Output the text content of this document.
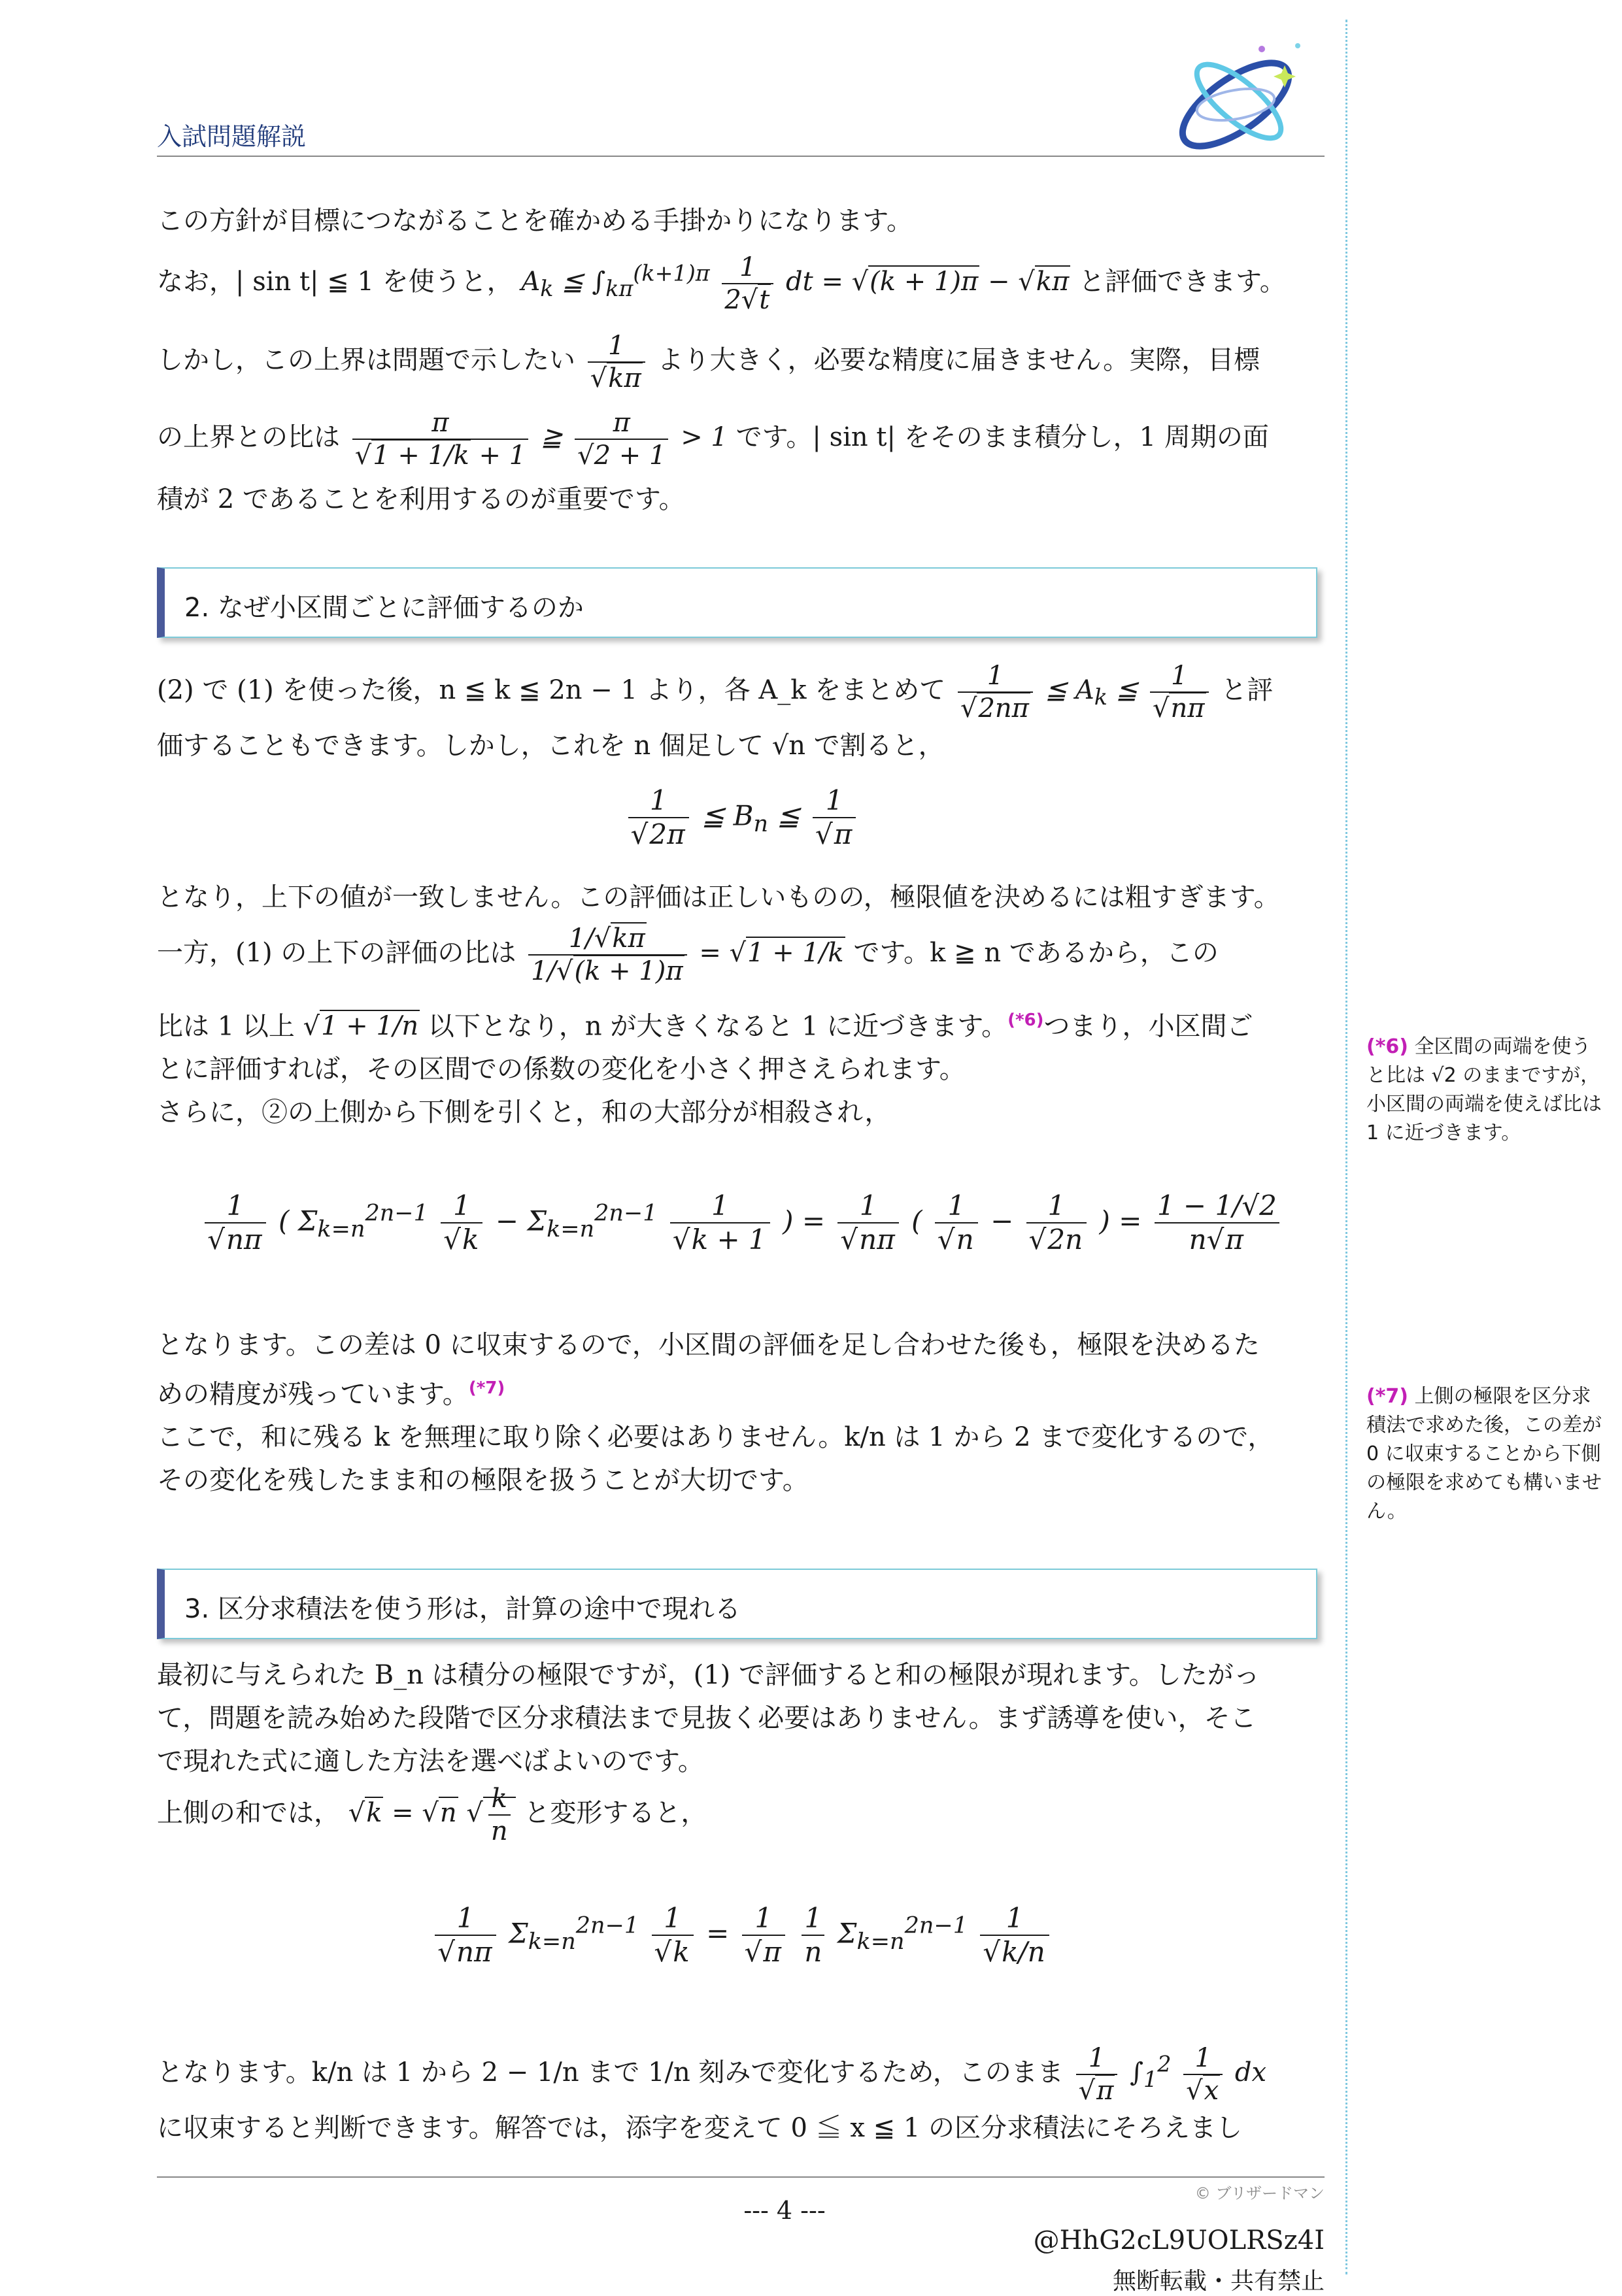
入試問題解説

この方針が目標につながることを確かめる手掛かりになります。

なお，| sin t| ≦ 1 を使うと， $A_k$ ≦ $\int_{k\pi}^{(k+1)\pi} \frac{1}{2√t}$ dt = √(k + 1)π − √kπ と評価できます。

しかし，この上界は問題で示したい $\frac{1}{√k\pi}$ より大きく，必要な精度に届きません。実際，目標

の上界との比は $\frac{\pi}{√1 + 1/k + 1}$ ≧ $\frac{\pi}{√2 + 1} > 1$ です。| sin t| をそのまま積分し，1 周期の面

積が 2 であることを利用するのが重要です。

2. なぜ小区間ごとに評価するのか

(2) で (1) を使った後，n ≦ k ≦ 2n − 1 より，各 A_k をまとめて $\frac{1}{√2n\pi}$ ≦ $A_k$ ≦ $\frac{1}{√n\pi}$ と評

価することもできます。しかし，これを n 個足して √n で割ると，

$\frac{1}{√2\pi}$ ≦ $B_n$ ≦ $\frac{1}{√\pi}$

となり，上下の値が一致しません。この評価は正しいものの，極限値を決めるには粗すぎます。

一方，(1) の上下の評価の比は $\frac{1/√k\pi}{1/√(k + 1)\pi} = √1 + 1/k$ です。k ≧ n であるから，この

比は 1 以上 √1 + 1/n 以下となり，n が大きくなると 1 に近づきます。$^{(*6)}$つまり，小区間ご

とに評価すれば，その区間での係数の変化を小さく押さえられます。

さらに，②の上側から下側を引くと，和の大部分が相殺され，

$\frac{1}{√n\pi}$ ( $\Sigma_{k=n}^{2n-1} \frac{1}{√k} - \Sigma_{k=n}^{2n-1} \frac{1}{√k + 1}$ ) = $\frac{1}{√n\pi}$ ( $\frac{1}{√n} - \frac{1}{√2n}$ ) = $\frac{1 - 1/√2}{n√\pi}$

となります。この差は 0 に収束するので，小区間の評価を足し合わせた後も，極限を決めるた

めの精度が残っています。$^{(*7)}$

ここで，和に残る k を無理に取り除く必要はありません。k/n は 1 から 2 まで変化するので，

その変化を残したまま和の極限を扱うことが大切です。

3. 区分求積法を使う形は，計算の途中で現れる

最初に与えられた B_n は積分の極限ですが，(1) で評価すると和の極限が現れます。したがっ

て，問題を読み始めた段階で区分求積法まで見抜く必要はありません。まず誘導を使い，そこ

で現れた式に適した方法を選べばよいのです。

上側の和では， √k = √n √ $\frac{k}{n}$ と変形すると，

$\frac{1}{√n\pi} \Sigma_{k=n}^{2n-1} \frac{1}{√k} = \frac{1}{√\pi}$
$\frac{1}{n} \Sigma_{k=n}^{2n-1} \frac{1}{√k/n}$

となります。k/n は 1 から 2 − 1/n まで 1/n 刻みで変化するため，このまま $\frac{1}{√\pi} \int_1^2 \frac{1}{√x}$ dx

に収束すると判断できます。解答では，添字を変えて 0 ≦ x ≦ 1 の区分求積法にそろえまし

(*6) 全区間の両端を使うと比は √2 のままですが，小区間の両端を使えば比は 1 に近づきます。
(*7) 上側の極限を区分求積法で求めた後，この差が 0 に収束することから下側の極限を求めても構いません。
© ブリザードマン
--- 4 ---
@HhG2cL9UOLRSz4I
無断転載・共有禁止
